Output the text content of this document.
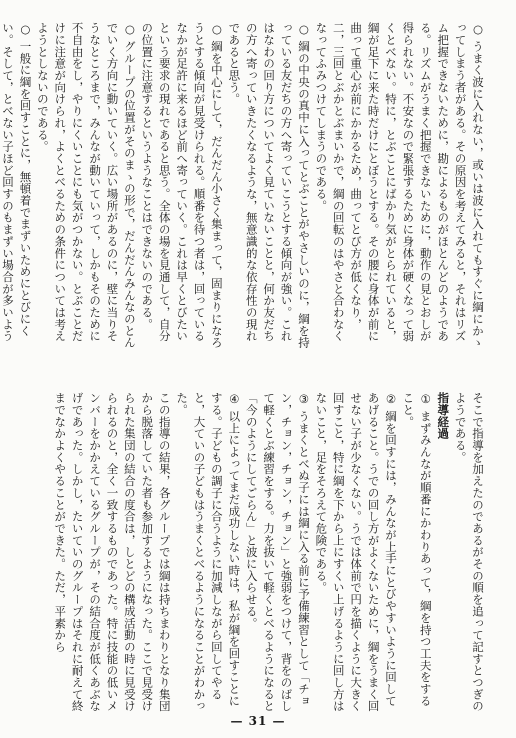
○ うまく波に入れない，或いは波に入れてもすぐに綱にかゝってしまう者がある。その原因を考えてみると，それはリズム把握できないために，勘によるものがほとんどのようである。リズムがうまく把握できないために，動作の見とおしが得られない。不安なので緊張するために身体が硬くなって弱くとべない。特に，とぶことにばかり気がとられていると，綱が足下に来た時だけにとぼうとする。その腰に身体が前に曲って重心が前にかかるため，曲ってとび方が低くなり，二，三回とぶかとぶまいかで，綱の回転のはやさと合わなくなってふみつけてしまうのである。

○ 綱の中央の真中に入ってとぶことがやさしいのに，綱を持っている友だちの方へ寄っていこうとする傾向が強い。これはなわの回り方についてよく見ていないことと，何か友だちの方へ寄っていきたくなるような，無意識的な依存性の現れであると思う。

○ 綱を中心にして，だんだん小さく集まって，固まりになろうとする傾向が見受けられる。順番を待つ者は，回っているなかが足許に来るほど前へ寄っていく。これは早くとびたいという要求の現れであると思う。全体の場を見通して，自分の位置に注意するというようなことはできないのである。

○ グループの位置がそのまゝの形で，だんだんみんなのとんでいく方向に動いていく。広い場所があるのに，壁に当りそうなところまで，みんなが動いていって，しかもそのために不自由をし，やりにくいことにも気がつかない。とぶことだけに注意が向けられ，よくとべるための条件については考えようとしないのである。

○ 一般に綱を回すことに，無頓着でまずいためにとびにくい。そして，とべない子ほど回すのもまずい場合が多いよう

そこで指導を加えたのであるがその順を追って記すとつぎのようである。

指導経過

① まずみんなが順番にかわりあって，綱を持つ工夫をすること。

② 綱を回すには，みんなが上手にとびやすいように回してあげること。うでの回し方がよくないために，綱をうまく回せない子が少なくない。うでは体前で円を描くように大きく回すこと，特に綱を下から上にすくい上げるように回し方はないこと，足をそろえて危険である。

③ うまくとべぬ子には綱に入る前に予備練習として「チョン，チョン，チョン，チョン」と強弱をつけて，背をのばして軽くとぶ練習をする。力を抜いて軽くとべるようになると「今のようにしてごらん」と波に入らせる。

④ 以上によってまだ成功しない時は，私が綱を回すことにする。子どもの調子に合うように加減しながら回してやると，大ていの子どもはうまくとべるようになることがわかった。

この指導の結果，各グループでは綱は持ちまわりとなり集団から脱落していた者も参加するようになった。ここで見受けられた集団の結合の度合は，しとどの構成活動の時に見受けられるのと，全く一致するものであった。特に技能の低いメンバーをかかえているグループが，その結合度が低くあぶなげであった。しかし，たいていのグループはそれに耐えて終までなかよくやることができた。ただ，平素から

— 31 —
